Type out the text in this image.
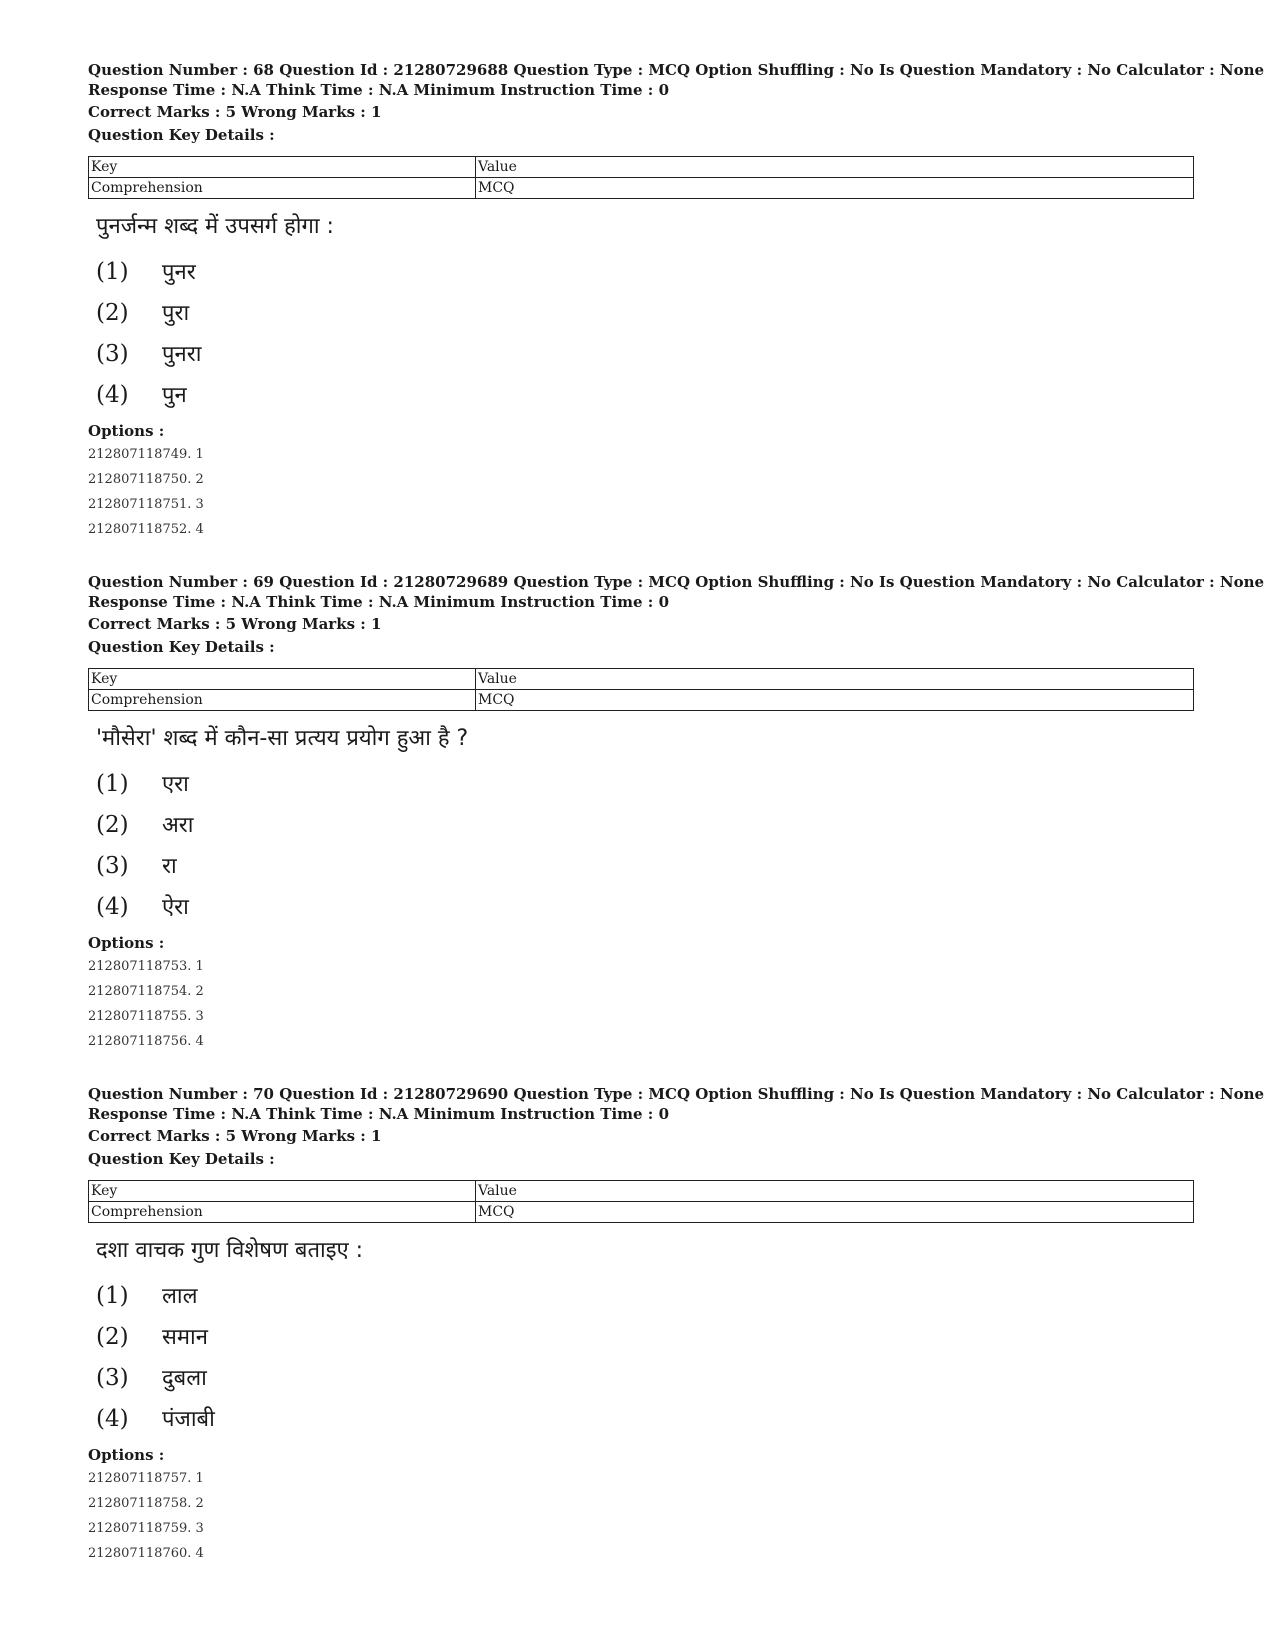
Question Number : 68 Question Id : 21280729688 Question Type : MCQ Option Shuffling : No Is Question Mandatory : No Calculator : None
Response Time : N.A Think Time : N.A Minimum Instruction Time : 0
Correct Marks : 5 Wrong Marks : 1
Question Key Details :
Key	Value
Comprehension	MCQ
पुनर्जन्म शब्द में उपसर्ग होगा :
(1) पुनर
(2) पुरा
(3) पुनरा
(4) पुन
Options :
212807118749. 1
212807118750. 2
212807118751. 3
212807118752. 4
Question Number : 69 Question Id : 21280729689 Question Type : MCQ Option Shuffling : No Is Question Mandatory : No Calculator : None
Response Time : N.A Think Time : N.A Minimum Instruction Time : 0
Correct Marks : 5 Wrong Marks : 1
Question Key Details :
Key	Value
Comprehension	MCQ
'मौसेरा' शब्द में कौन-सा प्रत्यय प्रयोग हुआ है ?
(1) एरा
(2) अरा
(3) रा
(4) ऐरा
Options :
212807118753. 1
212807118754. 2
212807118755. 3
212807118756. 4
Question Number : 70 Question Id : 21280729690 Question Type : MCQ Option Shuffling : No Is Question Mandatory : No Calculator : None
Response Time : N.A Think Time : N.A Minimum Instruction Time : 0
Correct Marks : 5 Wrong Marks : 1
Question Key Details :
Key	Value
Comprehension	MCQ
दशा वाचक गुण विशेषण बताइए :
(1) लाल
(2) समान
(3) दुबला
(4) पंजाबी
Options :
212807118757. 1
212807118758. 2
212807118759. 3
212807118760. 4
